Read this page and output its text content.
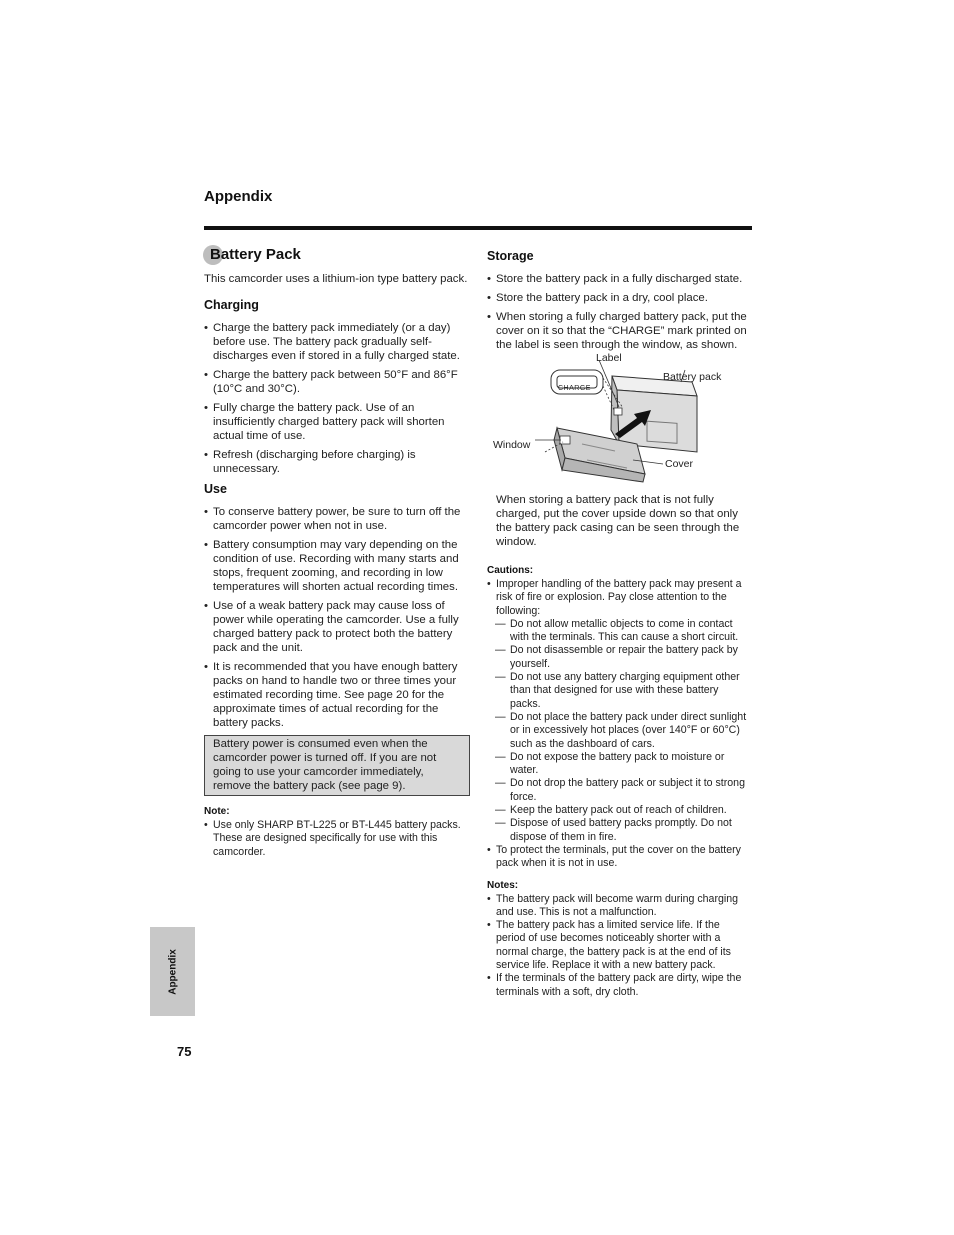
Appendix
Battery Pack

This camcorder uses a lithium-ion type battery pack.

Charging
• Charge the battery pack immediately (or a day) before use. The battery pack gradually self-discharges even if stored in a fully charged state.
• Charge the battery pack between 50°F and 86°F (10°C and 30°C).
• Fully charge the battery pack. Use of an insufficiently charged battery pack will shorten actual time of use.
• Refresh (discharging before charging) is unnecessary.
Use
• To conserve battery power, be sure to turn off the camcorder power when not in use.
• Battery consumption may vary depending on the condition of use. Recording with many starts and stops, frequent zooming, and recording in low temperatures will shorten actual recording times.
• Use of a weak battery pack may cause loss of power while operating the camcorder. Use a fully charged battery pack to protect both the battery pack and the unit.
• It is recommended that you have enough battery packs on hand to handle two or three times your estimated recording time. See page 20 for the approximate times of actual recording for the battery packs.
Battery power is consumed even when the camcorder power is turned off. If you are not going to use your camcorder immediately, remove the battery pack (see page 9).
Note:
• Use only SHARP BT-L225 or BT-L445 battery packs. These are designed specifically for use with this camcorder.
Storage
• Store the battery pack in a fully discharged state.
• Store the battery pack in a dry, cool place.
• When storing a fully charged battery pack, put the cover on it so that the “CHARGE” mark printed on the label is seen through the window, as shown.
Label
Battery pack
Window
Cover
CHARGE

When storing a battery pack that is not fully charged, put the cover upside down so that only the battery pack casing can be seen through the window.

Cautions:
• Improper handling of the battery pack may present a risk of fire or explosion. Pay close attention to the following:
— Do not allow metallic objects to come in contact with the terminals. This can cause a short circuit.
— Do not disassemble or repair the battery pack by yourself.
— Do not use any battery charging equipment other than that designed for use with these battery packs.
— Do not place the battery pack under direct sunlight or in excessively hot places (over 140°F or 60°C) such as the dashboard of cars.
— Do not expose the battery pack to moisture or water.
— Do not drop the battery pack or subject it to strong force.
— Keep the battery pack out of reach of children.
— Dispose of used battery packs promptly. Do not dispose of them in fire.
• To protect the terminals, put the cover on the battery pack when it is not in use.
Notes:
• The battery pack will become warm during charging and use. This is not a malfunction.
• The battery pack has a limited service life. If the period of use becomes noticeably shorter with a normal charge, the battery pack is at the end of its service life. Replace it with a new battery pack.
• If the terminals of the battery pack are dirty, wipe the terminals with a soft, dry cloth.
Appendix
75
